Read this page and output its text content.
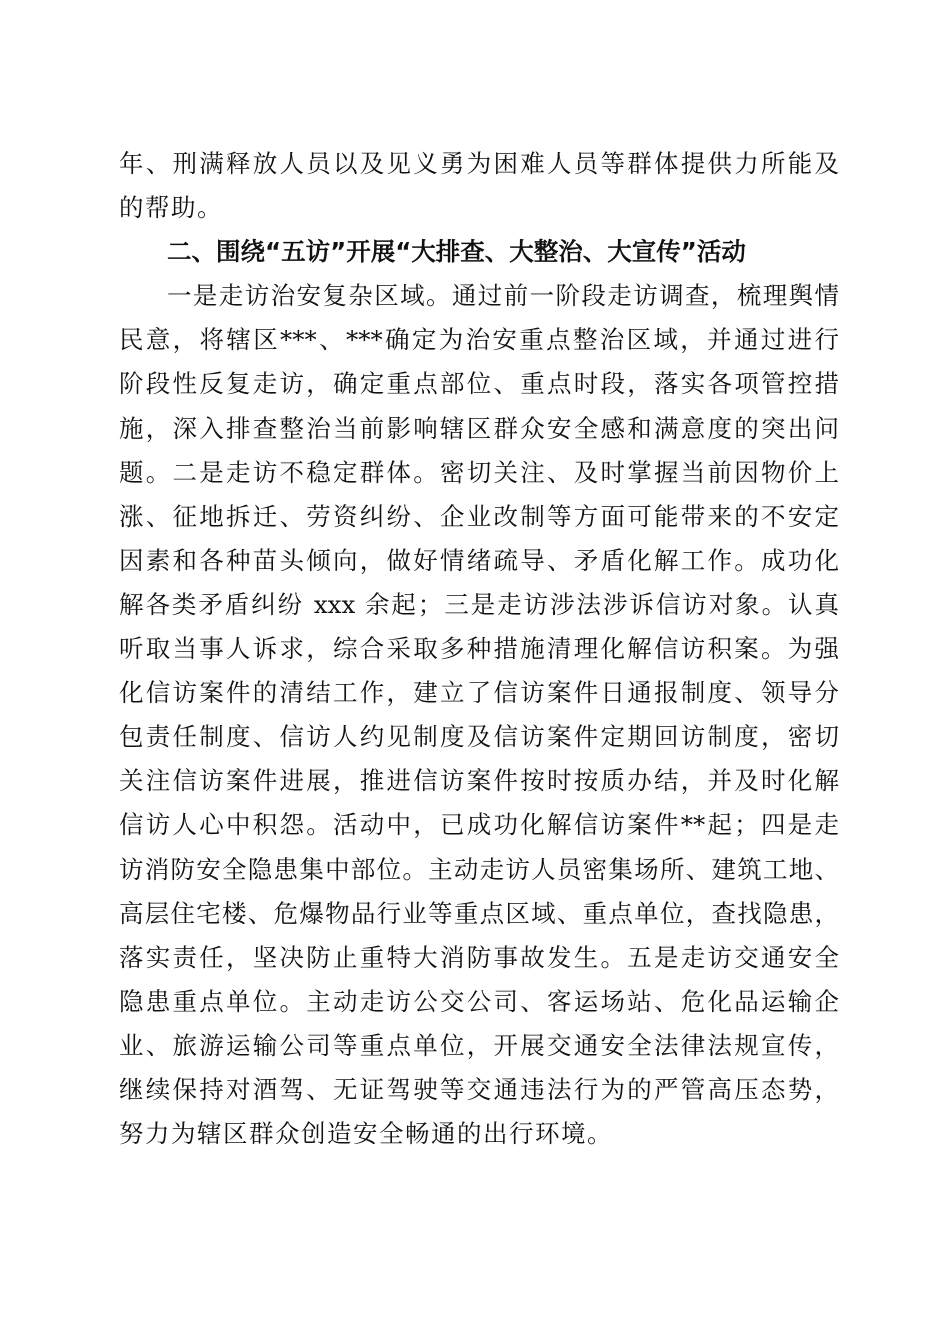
年、刑满释放人员以及见义勇为困难人员等群体提供力所能及
的帮助。
二、围绕“五访”开展“大排查、大整治、大宣传”活动
一是走访治安复杂区域。通过前一阶段走访调查，梳理舆情
民意，将辖区***、***确定为治安重点整治区域，并通过进行
阶段性反复走访，确定重点部位、重点时段，落实各项管控措
施，深入排查整治当前影响辖区群众安全感和满意度的突出问
题。二是走访不稳定群体。密切关注、及时掌握当前因物价上
涨、征地拆迁、劳资纠纷、企业改制等方面可能带来的不安定
因素和各种苗头倾向，做好情绪疏导、矛盾化解工作。成功化
解各类矛盾纠纷 xxx 余起；三是走访涉法涉诉信访对象。认真
听取当事人诉求，综合采取多种措施清理化解信访积案。为强
化信访案件的清结工作，建立了信访案件日通报制度、领导分
包责任制度、信访人约见制度及信访案件定期回访制度，密切
关注信访案件进展，推进信访案件按时按质办结，并及时化解
信访人心中积怨。活动中，已成功化解信访案件**起；四是走
访消防安全隐患集中部位。主动走访人员密集场所、建筑工地、
高层住宅楼、危爆物品行业等重点区域、重点单位，查找隐患，
落实责任，坚决防止重特大消防事故发生。五是走访交通安全
隐患重点单位。主动走访公交公司、客运场站、危化品运输企
业、旅游运输公司等重点单位，开展交通安全法律法规宣传，
继续保持对酒驾、无证驾驶等交通违法行为的严管高压态势，
努力为辖区群众创造安全畅通的出行环境。
